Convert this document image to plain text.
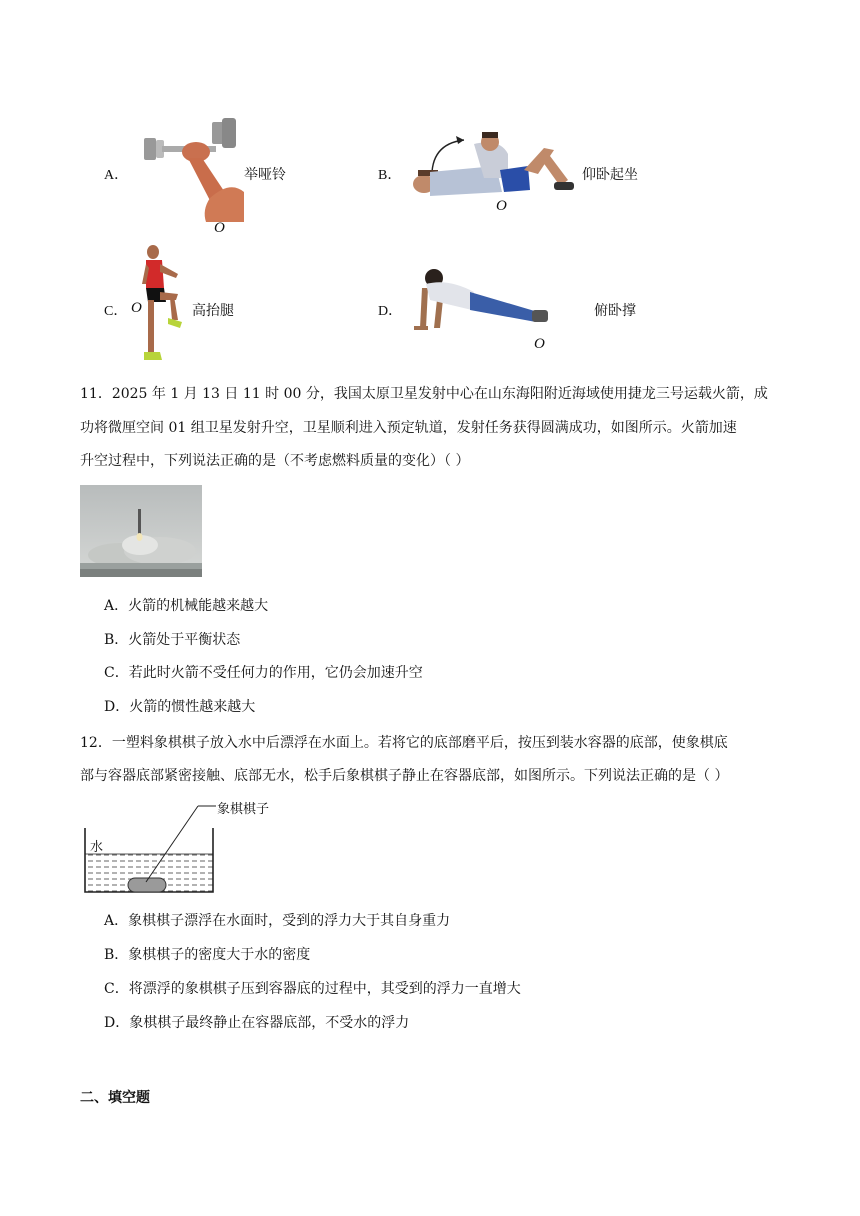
A．	举哑铃
O
B．	仰卧起坐
O
C． O	高抬腿	D．	俯卧撑
O
11．2025 年 1 月 13 日 11 时 00 分，我国太原卫星发射中心在山东海阳附近海域使用捷龙三号运载火箭，成
功将微厘空间 01 组卫星发射升空，卫星顺利进入预定轨道，发射任务获得圆满成功，如图所示。火箭加速
升空过程中，下列说法正确的是（不考虑燃料质量的变化）（ ）
A．火箭的机械能越来越大
B．火箭处于平衡状态
C．若此时火箭不受任何力的作用，它仍会加速升空
D．火箭的惯性越来越大
12．一塑料象棋棋子放入水中后漂浮在水面上。若将它的底部磨平后，按压到装水容器的底部，使象棋底
部与容器底部紧密接触、底部无水，松手后象棋棋子静止在容器底部，如图所示。下列说法正确的是（ ）
象棋棋子
水
A．象棋棋子漂浮在水面时，受到的浮力大于其自身重力
B．象棋棋子的密度大于水的密度
C．将漂浮的象棋棋子压到容器底的过程中，其受到的浮力一直增大
D．象棋棋子最终静止在容器底部，不受水的浮力
二、填空题
